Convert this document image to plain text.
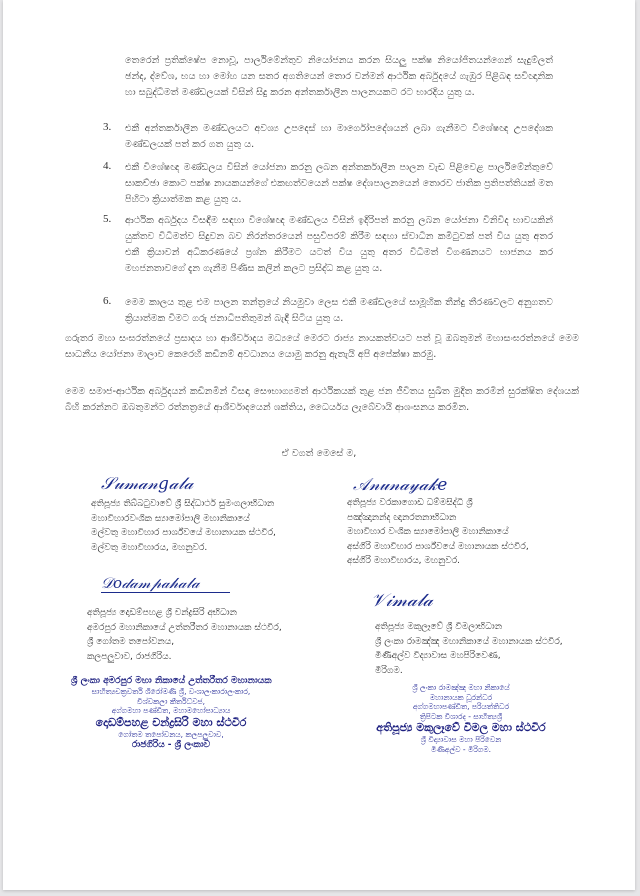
තෙරෙන් ප්‍රතික්ෂේප නොවූ, පාර්ලිමේන්තුව නියෝජනය කරන සියලු පක්ෂ නියෝජිතයන්ගෙන් සැදුම්ලත් ඡන්ද, ද්වේශ, භය හා මෝහ යන සතර අගතියෙන් තොර වන්මන් ආර්ථික අර්බුදයේ ගැඹුර පිළිබඳ සවිඥානික හා සබුද්ධිමත් මණ්ඩලයක් විසින් සිදු කරන අන්තර්කාලීන පාලනයකට රට භාරදිය යුතු ය.

3. එකී අන්තර්කාලීන මණ්ඩලයට අවශ්‍ය උපදෙස් හා මාර්ගෝපදේශයන් ලබා ගැනීමට විශේෂඥ උපදේශක මණ්ඩලයක් පත් කර ගත යුතු ය.

4. එකී විශේෂඥ මණ්ඩලය විසින් යෝජනා කරනු ලබන අන්තර්කාලීන පාලන වැඩ පිළිවෙළ පාර්ලිමේන්තුවේ සාකච්ඡා කොට පක්ෂ නායකයන්ගේ එකඟත්වයෙන් පක්ෂ දේශපාලනයෙන් තොරව ජාතික ප්‍රතිපත්තියක් මත පිහිටා ක්‍රියාත්මක කළ යුතු ය.

5. ආර්ථික අර්බුදය විසඳීම සඳහා විශේෂඥ මණ්ඩලය විසින් ඉදිරිපත් කරනු ලබන යෝජනා විනිවිද භාවයකින් යුක්තව විධිමත්ව සිදුවන බව නිරන්තරයෙන් පසුවිපරම් කිරීම සඳහා ස්වාධීන කමිටුවක් පත් විය යුතු අතර එකී ක්‍රියාවන් අධිකරණයේ ප්‍රශ්න කිරීමට යටත් විය යුතු අතර විධිමත් විගණනයට භාජනය කර මහජනතාවගේ දැන ගැනීම පිණිස කලින් කලට ප්‍රසිද්ධ කළ යුතු ය.

6. මෙම කාලය තුළ එම පාලන තන්ත්‍රයේ නියමුවා ලෙස එකී මණ්ඩලයේ සාමූහික තීන්දු තීරණවලට අනුගතව ක්‍රියාත්මක වීමට ගරු ජනාධිපතිතුමන් බැඳී සිටිය යුතු ය.

ගරුතර මහා සංඝරත්නයේ ප්‍රසාදය හා ආශීර්වාදය මධ්‍යයේ මෙරට රාජ්‍ය නායකත්වයට පත් වූ ඔබතුමන් මහාසංඝරත්නයේ මෙම සාධනීය යෝජනා මාලාව කෙරෙහි කඩිනම් අවධානය යොමු කරනු ඇතැයි අපි අපේක්ෂා කරමු.

මෙම සමාජ-ආර්ථික අර්බුදයන් කඩිනමින් විසඳා සෞභාග්‍යමත් ආර්ථිකයක් තුළ ජන ජීවිතය සුඛිත මුදිත කරමින් සුරක්ෂිත දේශයක් බිහි කරන්නට ඔබතුමන්ට රත්නත්‍රයේ ආශීර්වාදයෙන් ශක්තිය, ධෛර්යය ලැබේවායි ආශංසනය කරමින.

ඒ වගත් මෙසේ ම,
𝒮𝓊𝓂𝒶𝓃𝑔𝒶𝓁𝒶
අතිපූජ්‍ය තිබ්බටුවාවේ ශ්‍රී සිද්ධාර්ථ සුමංගලාභිධාන
මහාවිහාරවංශික ස්‍යාමෝපාලි මහානිකායේ
මල්වතු මහාවිහාර පාර්ශ්වයේ මහානායක ස්ථවිර,
මල්වතු මහාවිහාරය, මහනුවර.
𝒜𝓃𝓊𝓃𝒶𝓎𝒶𝓀𝑒
අතිපූජ්‍ය වරකාගොඩ ධම්මසිද්ධි ශ්‍රී
පඤ්ඤානන්ද ඥානරතනාභිධාන
මහාවිහාර වංශික ස්‍යාමෝපාලි මහානිකායේ
අස්ගිරි මහාවිහාර පාර්ශ්වයේ මහානායක ස්ථවිර,
අස්ගිරි මහාවිහාරය, මහනුවර.
𝒟𝑜𝒹𝒶𝓂𝓅𝒶𝒽𝒶𝓁𝒶
අතිපූජ්‍ය දොඩම්පහළ ශ්‍රී චන්ද්‍රසිරි අභිධාන
අමරපුර මහානිකායේ උත්තරීතර මහානායක ස්ථවිර,
ශ්‍රී ගෝතම තපෝවනය,
කලපලුවාව, රාජගිරිය.
𝒱𝒾𝓂𝒶𝓁𝒶
අතිපූජ්‍ය මකුලෑවේ ශ්‍රී විමලාභිධාන
ශ්‍රී ලංකා රාමඤ්ඤ මහානිකායේ මහානායක ස්ථවිර,
මිණිඅල්ව විද්‍යාවාස මහපිරිවෙණ,
මීරිගම.
ශ්‍රී ලංකා අමරපුර මහා නිකායේ උත්තරීතර මහානායක
සාහිත්‍යචක්‍රවර්ති ශිරෝමණි ශ්‍රී, වංශාලංකාරාලංකාර,
විශ්වකලා කීර්තිධ්වජ,
අග්ගමහා පණ්ඩිත, මහාමහෝපාධ්‍යාය
දොඩම්පහළ චන්ද්‍රසිරි මහා ස්ථවිර
ගෝතම තපෝවනය, කලපලුවාව,
රාජගිරිය - ශ්‍රී ලංකාව
ශ්‍රී ලංකා රාමඤ්ඤ මහා නිකායේ
මහානායක ධූරන්ධර
අග්ගමහාපණ්ඩිත, පරියත්තිධර
ත්‍රිපිටක විශාරද - සාහිත්‍යශ්‍රී
අතිපූජ්‍ය මකුලෑවේ විමල මහා ස්ථවිර
ශ්‍රී විද්‍යාවාස මහා පිරිවෙන
මිණිඅල්ව - මීරිගම.
